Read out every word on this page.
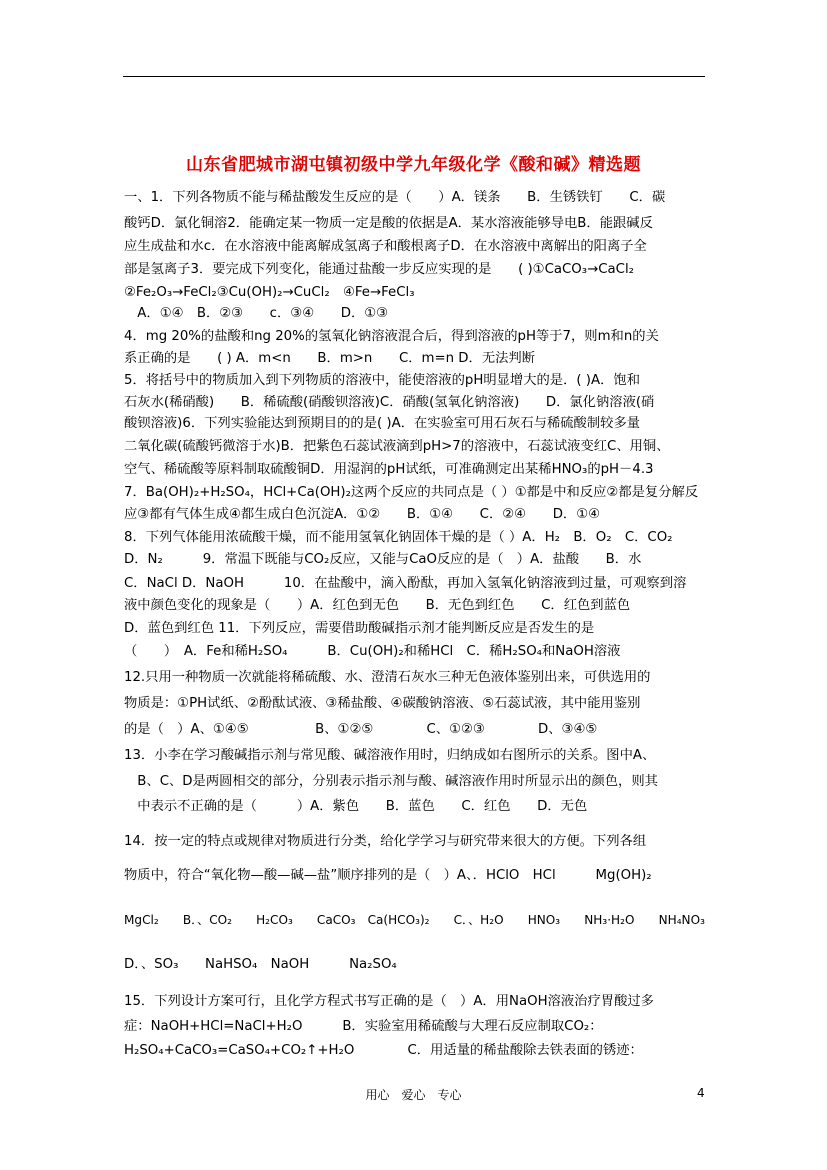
山东省肥城市湖屯镇初级中学九年级化学《酸和碱》精选题
一、1．下列各物质不能与稀盐酸发生反应的是（　　）A．镁条　　B．生锈铁钉　　C．碳
酸钙D．氯化铜溶2．能确定某一物质一定是酸的依据是A．某水溶液能够导电B．能跟碱反
应生成盐和水c．在水溶液中能离解成氢离子和酸根离子D．在水溶液中离解出的阳离子全
部是氢离子3．要完成下列变化，能通过盐酸一步反应实现的是　　( )①CaCO₃→CaCl₂
②Fe₂O₃→FeCl₂③Cu(OH)₂→CuCl₂　④Fe→FeCl₃
　A．①④　B．②③　　c．③④　　D．①③
4．mg 20%的盐酸和ng 20%的氢氧化钠溶液混合后，得到溶液的pH等于7，则m和n的关
系正确的是　　( ) A．m<n　　B．m>n　　C．m=n D．无法判断
5．将括号中的物质加入到下列物质的溶液中，能使溶液的pH明显增大的是．( )A．饱和
石灰水(稀硝酸)　　B．稀硫酸(硝酸钡溶液)C．硝酸(氢氧化钠溶液)　　D．氯化钠溶液(硝
酸钡溶液)6．下列实验能达到预期目的的是( )A．在实验室可用石灰石与稀硫酸制较多量
二氧化碳(硫酸钙微溶于水)B．把紫色石蕊试液滴到pH>7的溶液中，石蕊试液变红C、用铜、
空气、稀硫酸等原料制取硫酸铜D．用湿润的pH试纸，可准确测定出某稀HNO₃的pH－4.3
7．Ba(OH)₂+H₂SO₄，HCl+Ca(OH)₂这两个反应的共同点是（ ）①都是中和反应②都是复分解反
应③都有气体生成④都生成白色沉淀A．①②　　B．①④　　C．②④　　D．①④
8．下列气体能用浓硫酸干燥，而不能用氢氧化钠固体干燥的是（ ）A．H₂　B．O₂　C．CO₂
D．N₂　　　9．常温下既能与CO₂反应，又能与CaO反应的是（　）A．盐酸　　B．水
C．NaCl D．NaOH　　　10．在盐酸中，滴入酚酞，再加入氢氧化钠溶液到过量，可观察到溶
液中颜色变化的现象是（　　）A．红色到无色　　B．无色到红色　　C．红色到蓝色
D．蓝色到红色 11．下列反应，需要借助酸碱指示剂才能判断反应是否发生的是
（　　）　A．Fe和稀H₂SO₄　　　B．Cu(OH)₂和稀HCl　C．稀H₂SO₄和NaOH溶液
12.只用一种物质一次就能将稀硫酸、水、澄清石灰水三种无色液体鉴别出来，可供选用的
物质是：①PH试纸、②酚酞试液、③稀盐酸、④碳酸钠溶液、⑤石蕊试液，其中能用鉴别
的是（　）A、①④⑤　　　　　B、①②⑤　　　　C、①②③　　　　D、③④⑤
13．小李在学习酸碱指示剂与常见酸、碱溶液作用时，归纳成如右图所示的关系。图中A、
　B、C、D是两圆相交的部分，分别表示指示剂与酸、碱溶液作用时所显示出的颜色，则其
　中表示不正确的是（　　　）A．紫色　　B．蓝色　　C．红色　　D．无色
14．按一定的特点或规律对物质进行分类，给化学学习与研究带来很大的方便。下列各组
物质中，符合“氧化物—酸—碱—盐”顺序排列的是（　）A、．HClO　HCl　　　Mg(OH)₂
MgCl₂　　B．、CO₂　　H₂CO₃　　CaCO₃　Ca(HCO₃)₂　　C．、H₂O　　HNO₃　　NH₃·H₂O　　NH₄NO₃
D．、SO₃　　NaHSO₄　NaOH　　　Na₂SO₄
15．下列设计方案可行，且化学方程式书写正确的是（　）A．用NaOH溶液治疗胃酸过多
症：NaOH+HCl=NaCl+H₂O　　　B．实验室用稀硫酸与大理石反应制取CO₂：
H₂SO₄+CaCO₃=CaSO₄+CO₂↑+H₂O　　　　C．用适量的稀盐酸除去铁表面的锈迹：
用心　爱心　专心	4
